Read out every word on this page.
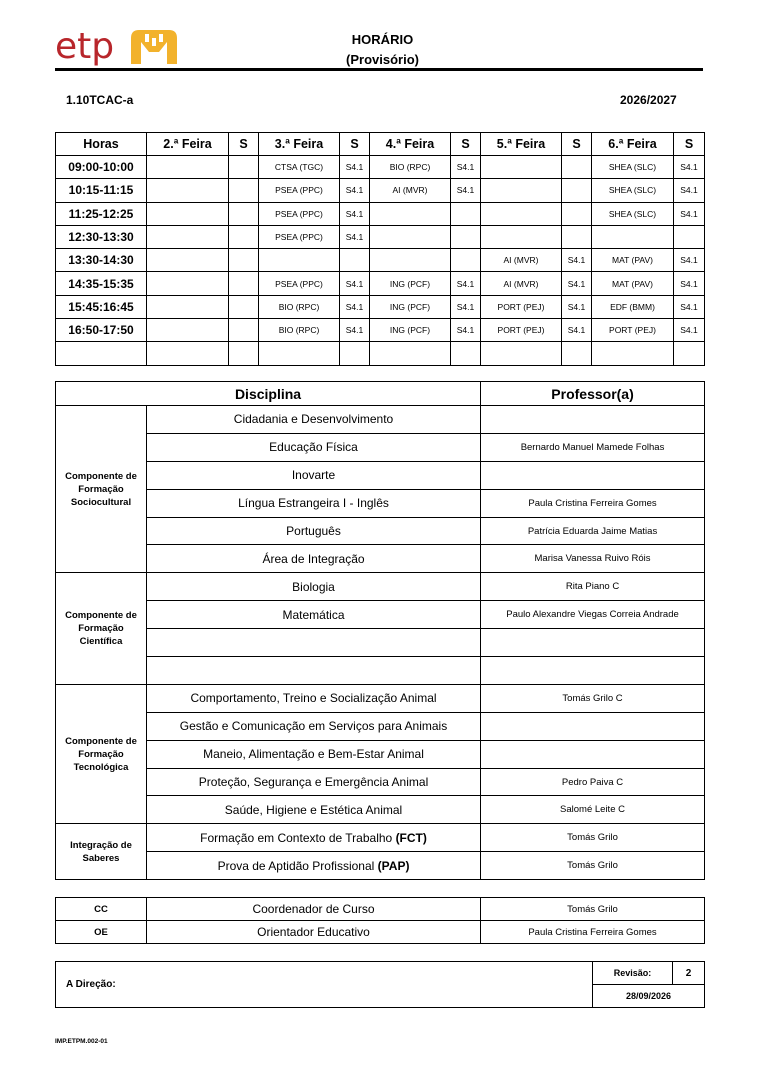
etp	HORÁRIO
(Provisório)
1.10TCAC-a	2026/2027
Horas	2.ª Feira	S	3.ª Feira	S	4.ª Feira	S	5.ª Feira	S	6.ª Feira	S
09:00-10:00			CTSA (TGC)	S4.1	BIO (RPC)	S4.1			SHEA (SLC)	S4.1
10:15-11:15			PSEA (PPC)	S4.1	AI (MVR)	S4.1			SHEA (SLC)	S4.1
11:25-12:25			PSEA (PPC)	S4.1					SHEA (SLC)	S4.1
12:30-13:30			PSEA (PPC)	S4.1						
13:30-14:30							AI (MVR)	S4.1	MAT (PAV)	S4.1
14:35-15:35			PSEA (PPC)	S4.1	ING (PCF)	S4.1	AI (MVR)	S4.1	MAT (PAV)	S4.1
15:45:16:45			BIO (RPC)	S4.1	ING (PCF)	S4.1	PORT (PEJ)	S4.1	EDF (BMM)	S4.1
16:50-17:50			BIO (RPC)	S4.1	ING (PCF)	S4.1	PORT (PEJ)	S4.1	PORT (PEJ)	S4.1

Disciplina		Professor(a)
Componente de Formação Sociocultural	Cidadania e Desenvolvimento	
	Educação Física	Bernardo Manuel Mamede Folhas
	Inovarte	
	Língua Estrangeira I - Inglês	Paula Cristina Ferreira Gomes
	Português	Patrícia Eduarda Jaime Matias
	Área de Integração	Marisa Vanessa Ruivo Róis
Componente de Formação Científica	Biologia	Rita Piano C
	Matemática	Paulo Alexandre Viegas Correia Andrade

Componente de Formação Tecnológica	Comportamento, Treino e Socialização Animal	Tomás Grilo C
	Gestão e Comunicação em Serviços para Animais	
	Maneio, Alimentação e Bem-Estar Animal	
	Proteção, Segurança e Emergência Animal	Pedro Paiva C
	Saúde, Higiene e Estética Animal	Salomé Leite C
Integração de Saberes	Formação em Contexto de Trabalho (FCT)	Tomás Grilo
	Prova de Aptidão Profissional (PAP)	Tomás Grilo
CC	Coordenador de Curso	Tomás Grilo
OE	Orientador Educativo	Paula Cristina Ferreira Gomes
A Direção:	Revisão:	2
28/09/2026
IMP.ETPM.002-01
